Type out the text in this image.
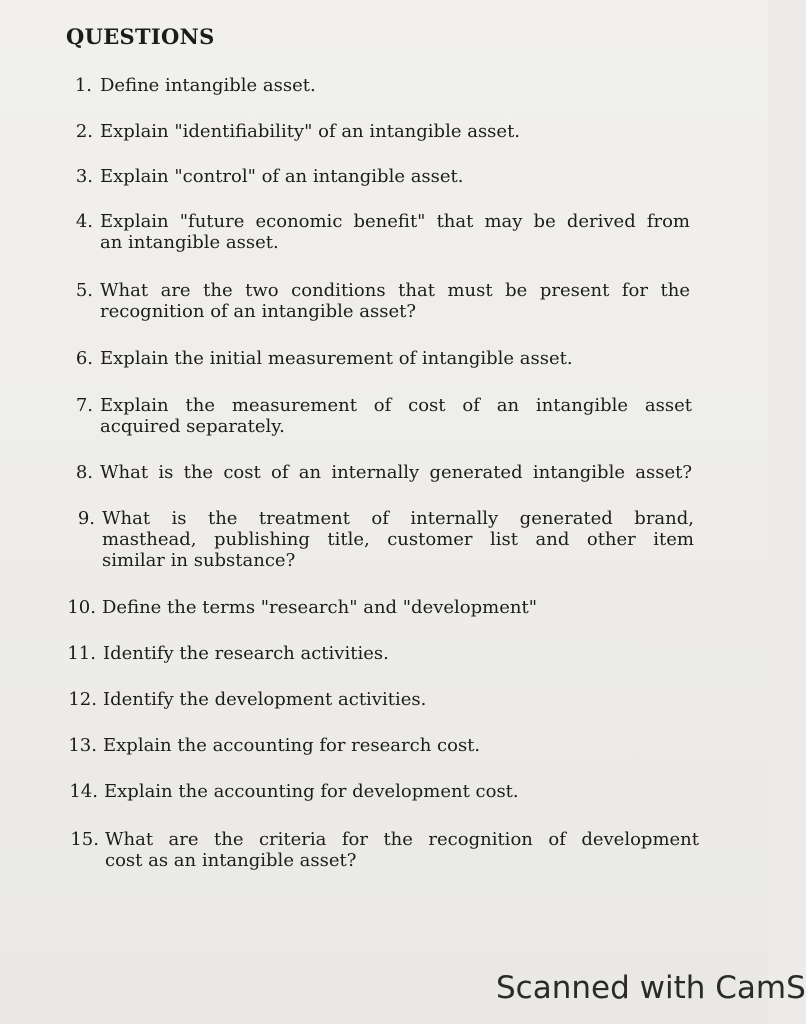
QUESTIONS
1. Define intangible asset.
2. Explain "identifiability" of an intangible asset.
3. Explain "control" of an intangible asset.
4. Explain "future economic benefit" that may be derived from
an intangible asset.
5. What are the two conditions that must be present for the
recognition of an intangible asset?
6. Explain the initial measurement of intangible asset.
7. Explain the measurement of cost of an intangible asset
acquired separately.
8. What is the cost of an internally generated intangible asset?
9. What is the treatment of internally generated brand,
masthead, publishing title, customer list and other item
similar in substance?
10. Define the terms "research" and "development"
11. Identify the research activities.
12. Identify the development activities.
13. Explain the accounting for research cost.
14. Explain the accounting for development cost.
15. What are the criteria for the recognition of development
cost as an intangible asset?
Scanned with CamS
